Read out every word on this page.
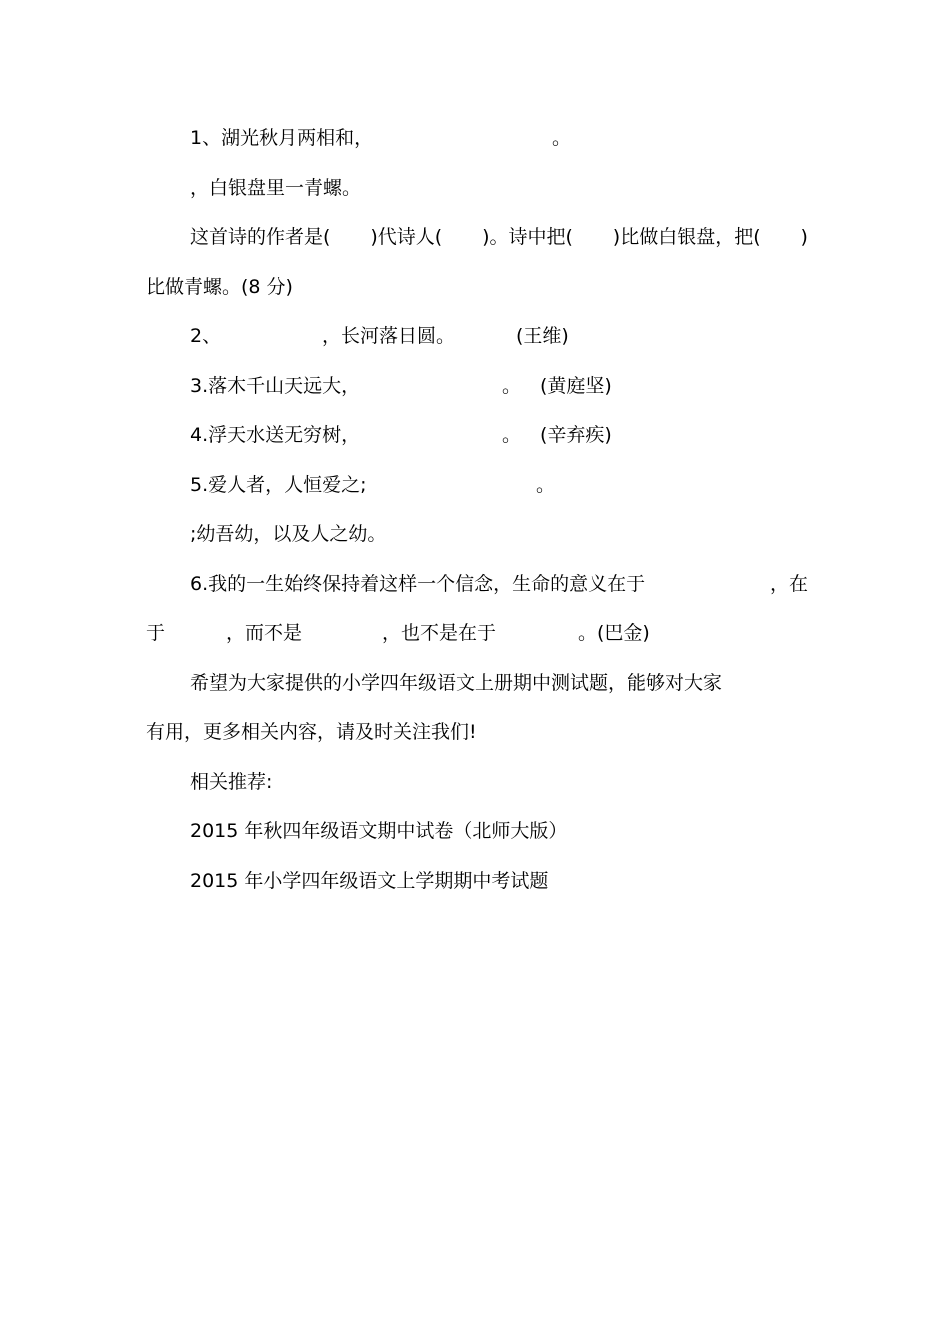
1、湖光秋月两相和，	。
，白银盘里一青螺。
这首诗的作者是( )代诗人( )。诗中把( )比做白银盘，把( )
比做青螺。(8 分)
2、	，长河落日圆。	(王维)
3.落木千山天远大，	。 (黄庭坚)
4.浮天水送无穷树，	。 (辛弃疾)
5.爱人者，人恒爱之;	。
;幼吾幼，以及人之幼。
6.我的一生始终保持着这样一个信念，生命的意义在于	，在
于	，而不是	，也不是在于	。(巴金)
希望为大家提供的小学四年级语文上册期中测试题，能够对大家
有用，更多相关内容，请及时关注我们!
相关推荐:
2015 年秋四年级语文期中试卷（北师大版）
2015 年小学四年级语文上学期期中考试题
